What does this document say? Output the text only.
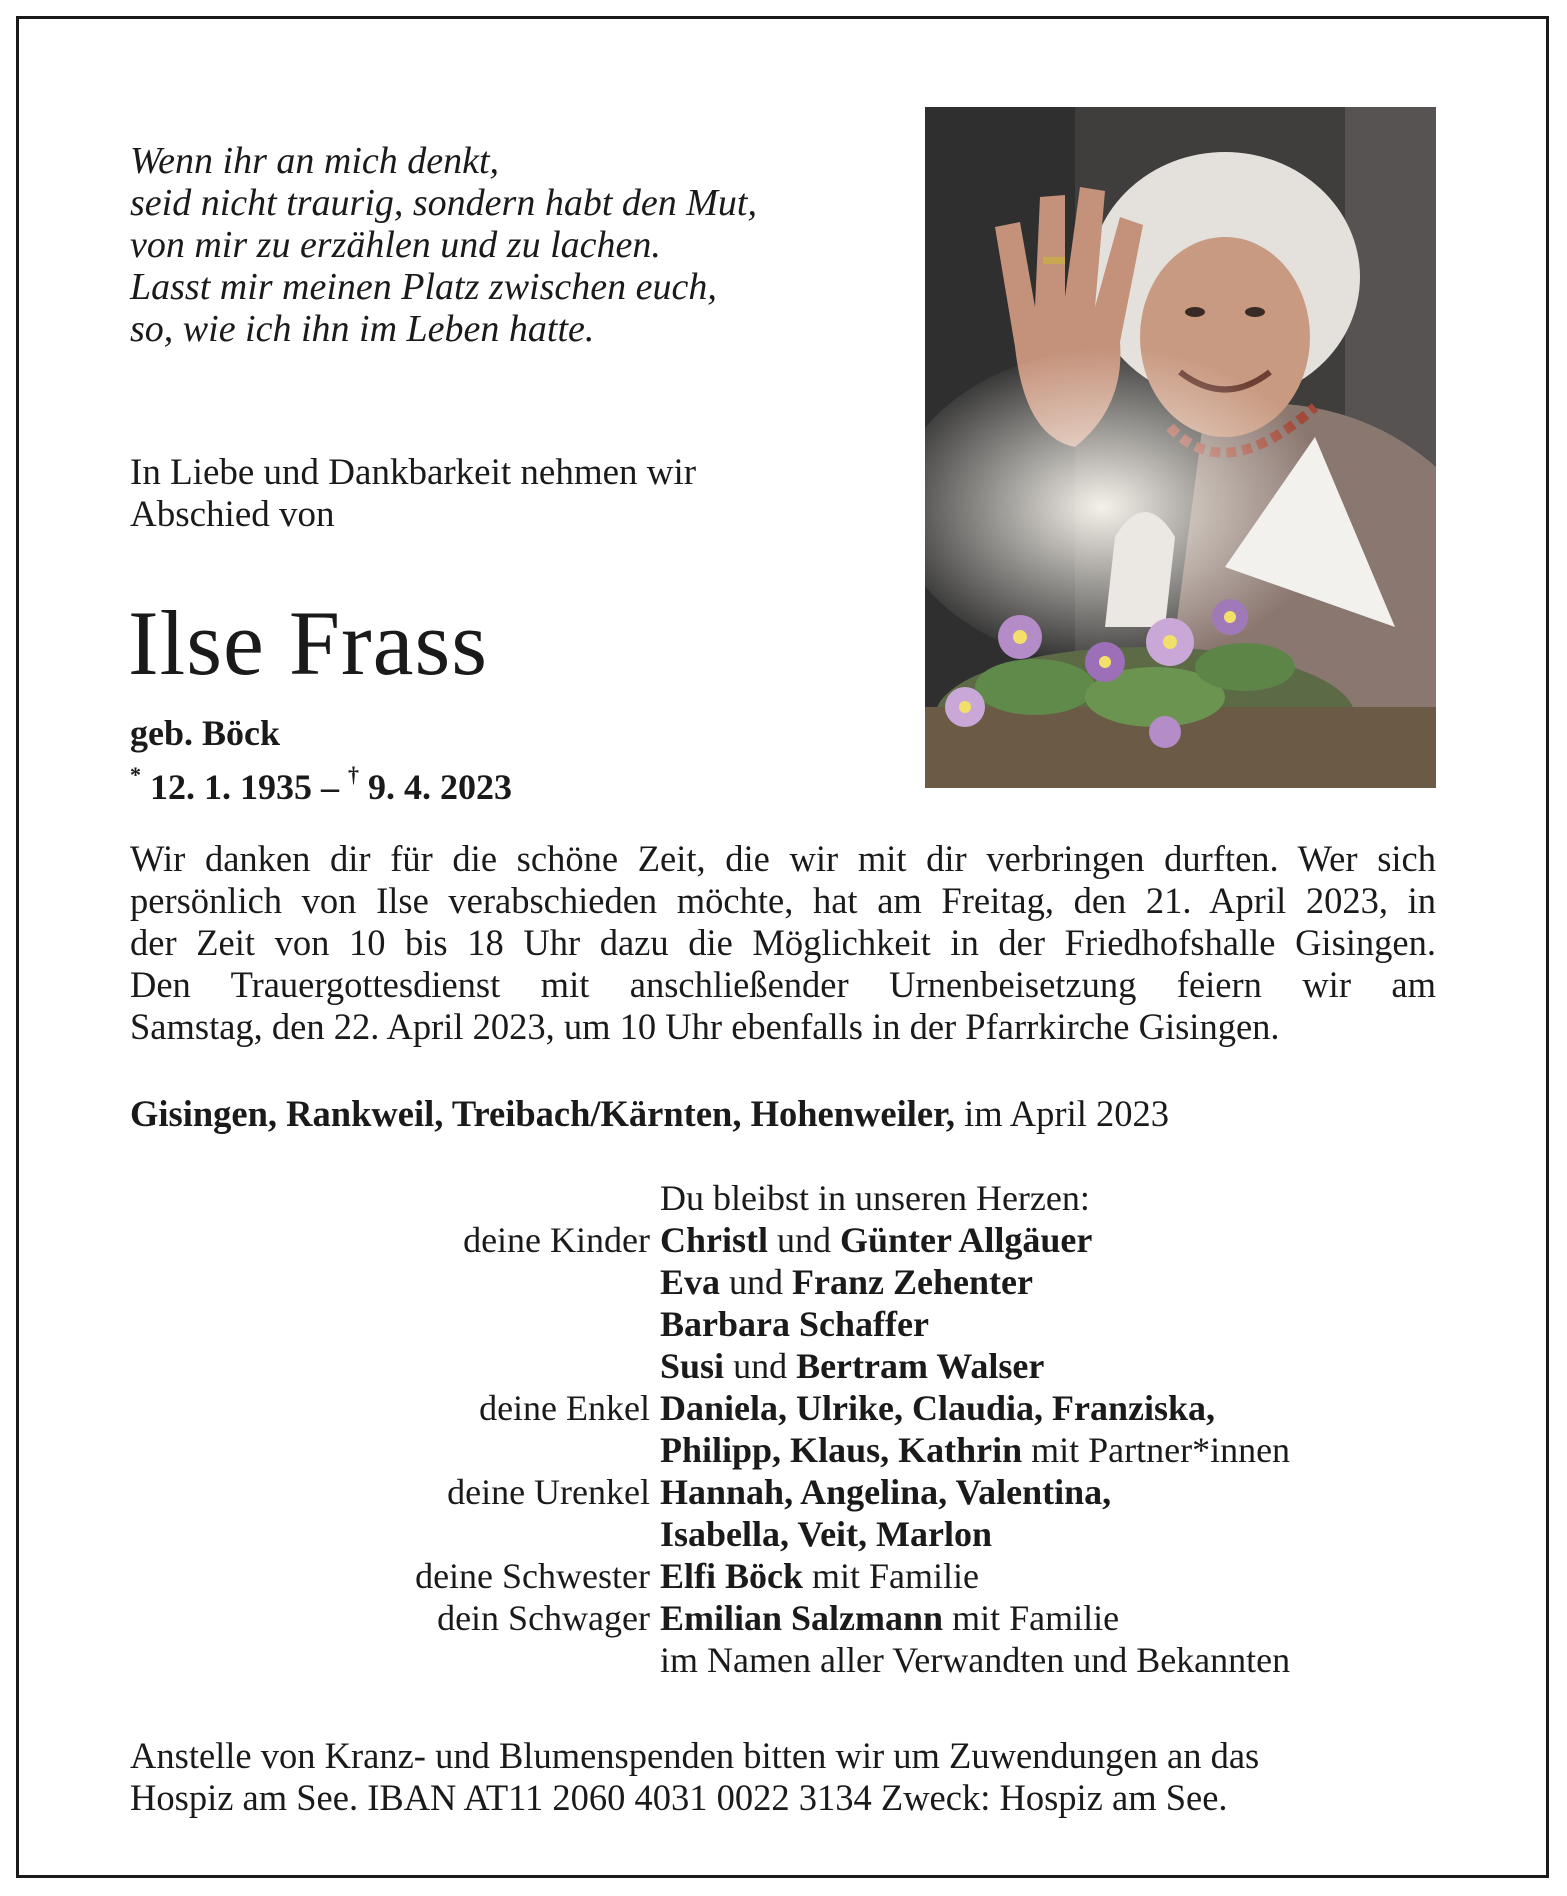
Wenn ihr an mich denkt,
seid nicht traurig, sondern habt den Mut,
von mir zu erzählen und zu lachen.
Lasst mir meinen Platz zwischen euch,
so, wie ich ihn im Leben hatte.
In Liebe und Dankbarkeit nehmen wir
Abschied von
Ilse Frass
geb. Böck
* 12. 1. 1935 – † 9. 4. 2023
Wir danken dir für die schöne Zeit, die wir mit dir verbringen durften. Wer sich
persönlich von Ilse verabschieden möchte, hat am Freitag, den 21. April 2023, in
der Zeit von 10 bis 18 Uhr dazu die Möglichkeit in der Friedhofshalle Gisingen.
Den Trauergottesdienst mit anschließender Urnenbeisetzung feiern wir am
Samstag, den 22. April 2023, um 10 Uhr ebenfalls in der Pfarrkirche Gisingen.
Gisingen, Rankweil, Treibach/Kärnten, Hohenweiler, im April 2023
Du bleibst in unseren Herzen:
deine Kinder Christl und Günter Allgäuer
Eva und Franz Zehenter
Barbara Schaffer
Susi und Bertram Walser
deine Enkel Daniela, Ulrike, Claudia, Franziska,
Philipp, Klaus, Kathrin mit Partner*innen
deine Urenkel Hannah, Angelina, Valentina,
Isabella, Veit, Marlon
deine Schwester Elfi Böck mit Familie
dein Schwager Emilian Salzmann mit Familie
im Namen aller Verwandten und Bekannten
Anstelle von Kranz- und Blumenspenden bitten wir um Zuwendungen an das
Hospiz am See. IBAN AT11 2060 4031 0022 3134 Zweck: Hospiz am See.
